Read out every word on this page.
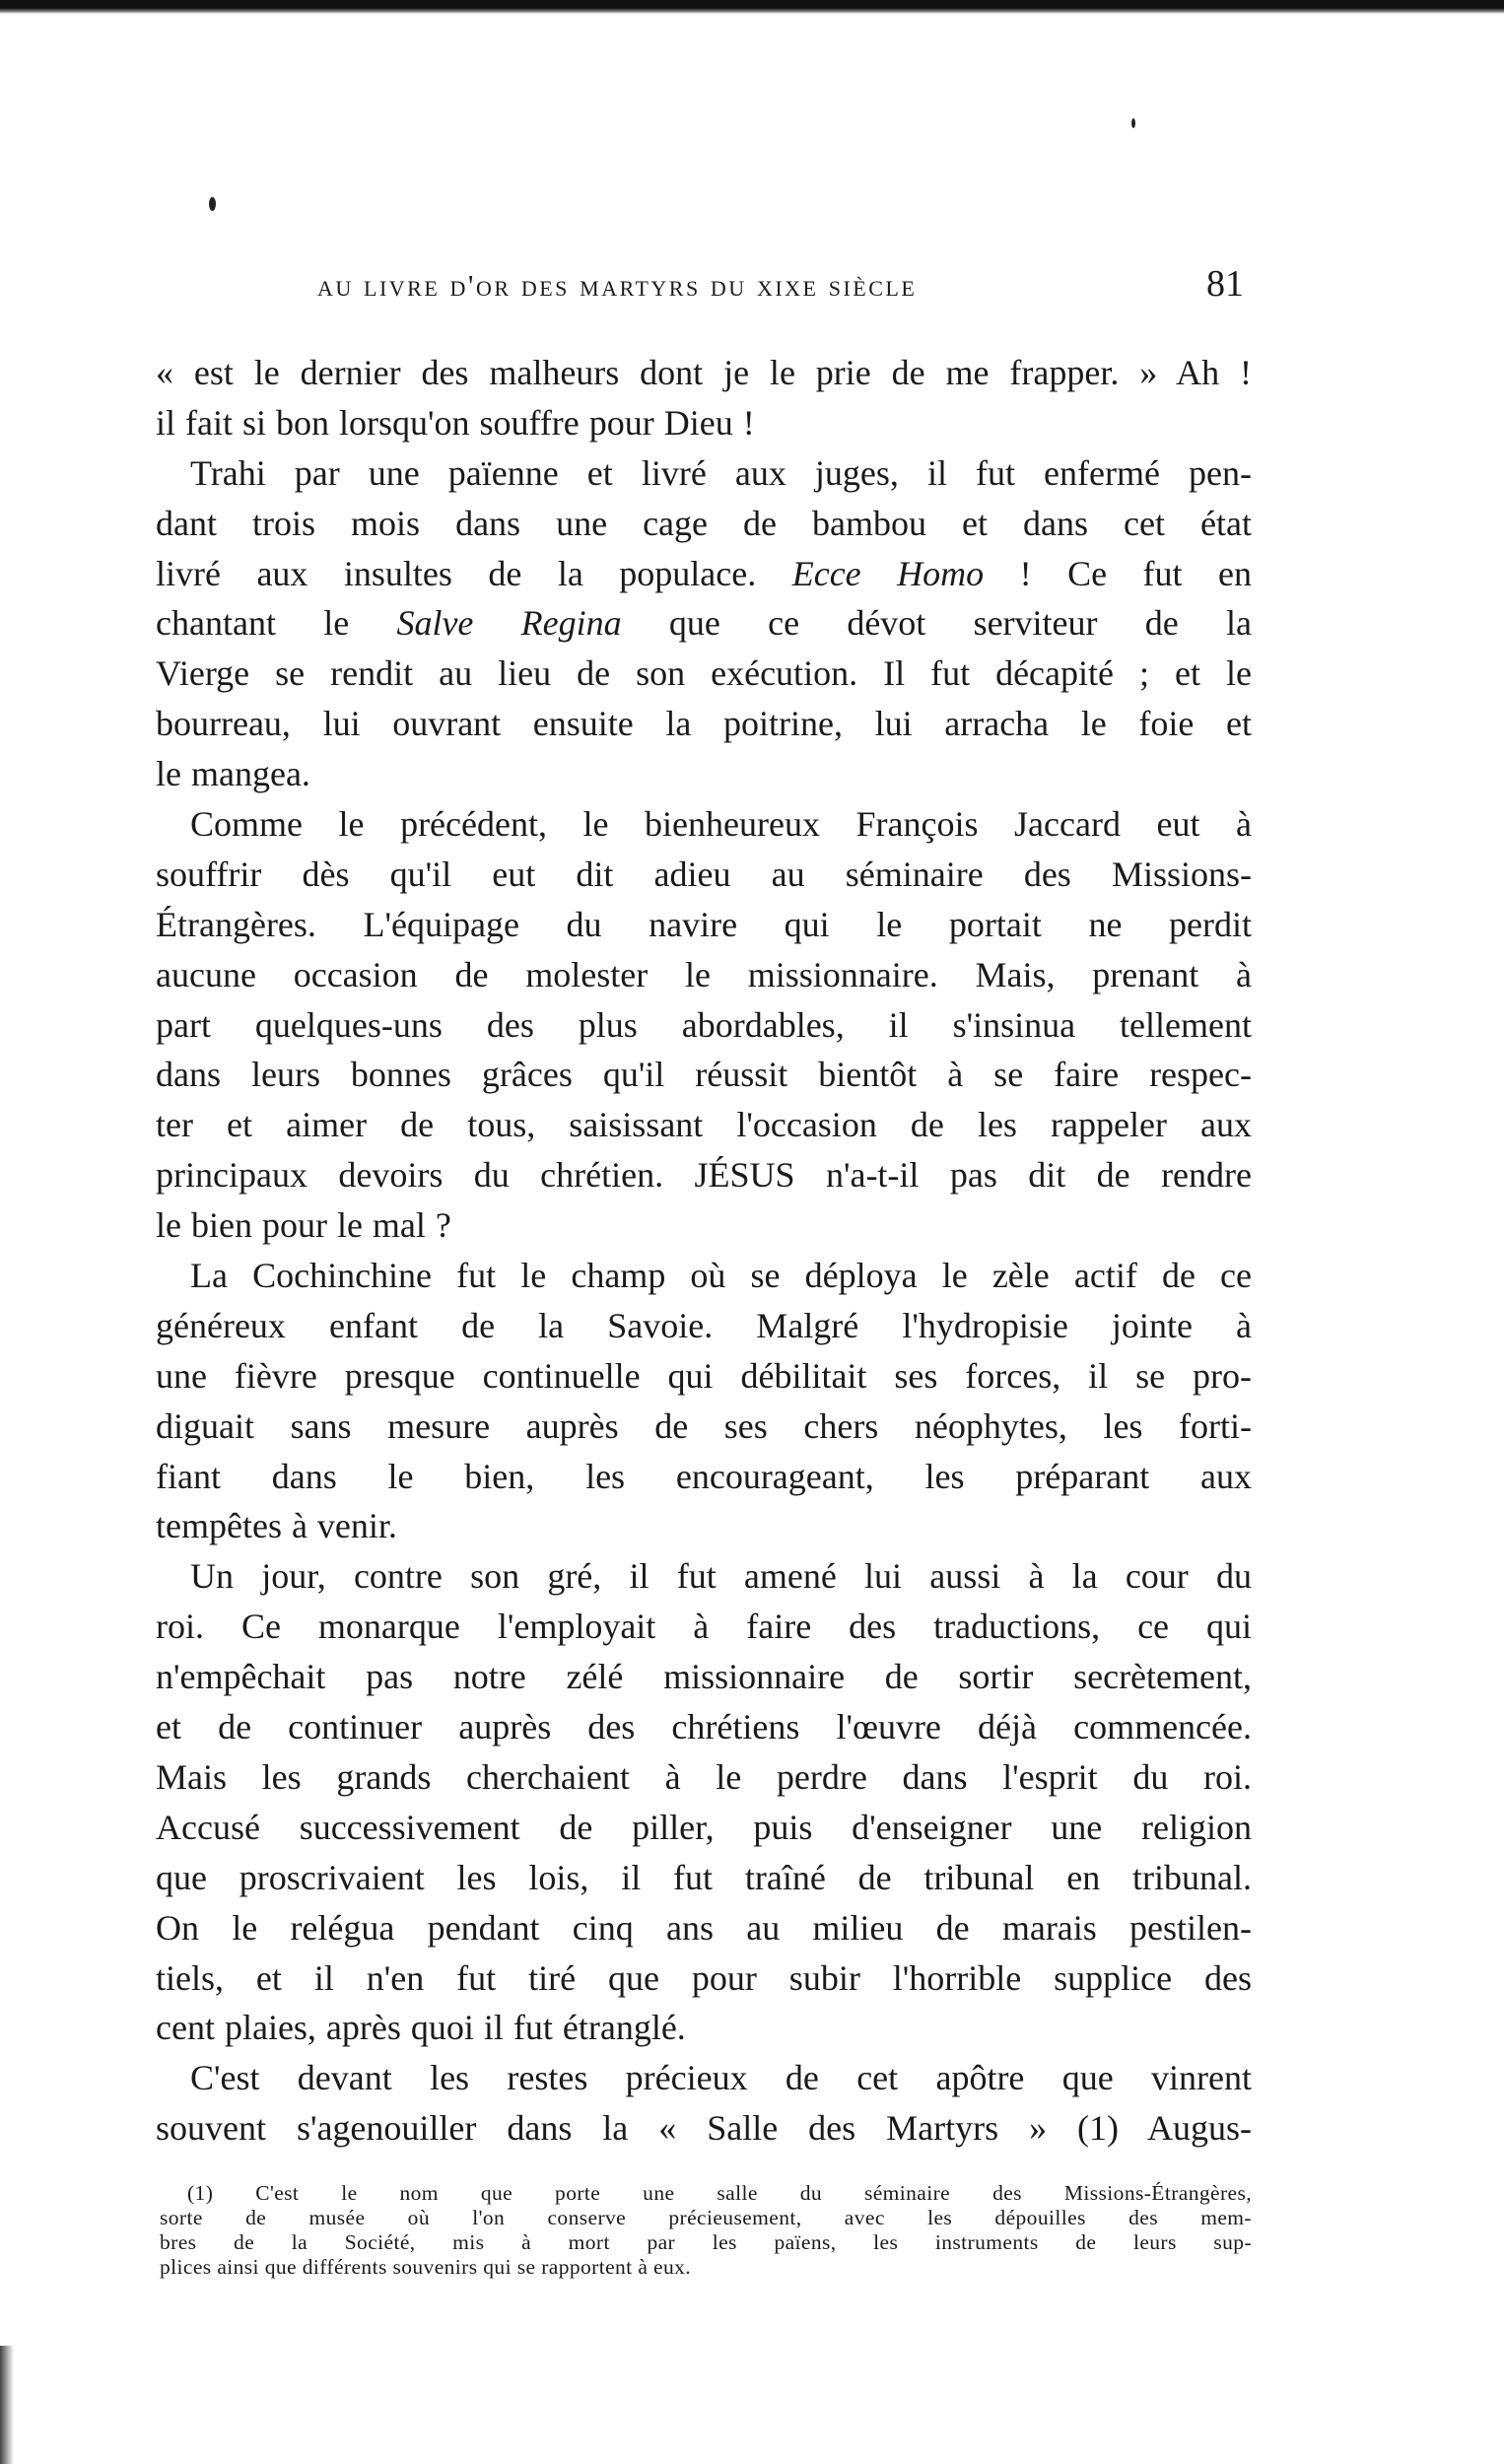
au livre d'or des martyrs du xixe siècle	81
« est le dernier des malheurs dont je le prie de me frapper. » Ah !
il fait si bon lorsqu'on souffre pour Dieu !
Trahi par une païenne et livré aux juges, il fut enfermé pen-
dant trois mois dans une cage de bambou et dans cet état
livré aux insultes de la populace. Ecce Homo ! Ce fut en
chantant le Salve Regina que ce dévot serviteur de la
Vierge se rendit au lieu de son exécution. Il fut décapité ; et le
bourreau, lui ouvrant ensuite la poitrine, lui arracha le foie et
le mangea.
Comme le précédent, le bienheureux François Jaccard eut à
souffrir dès qu'il eut dit adieu au séminaire des Missions-
Étrangères. L'équipage du navire qui le portait ne perdit
aucune occasion de molester le missionnaire. Mais, prenant à
part quelques-uns des plus abordables, il s'insinua tellement
dans leurs bonnes grâces qu'il réussit bientôt à se faire respec-
ter et aimer de tous, saisissant l'occasion de les rappeler aux
principaux devoirs du chrétien. JÉSUS n'a-t-il pas dit de rendre
le bien pour le mal ?
La Cochinchine fut le champ où se déploya le zèle actif de ce
généreux enfant de la Savoie. Malgré l'hydropisie jointe à
une fièvre presque continuelle qui débilitait ses forces, il se pro-
diguait sans mesure auprès de ses chers néophytes, les forti-
fiant dans le bien, les encourageant, les préparant aux
tempêtes à venir.
Un jour, contre son gré, il fut amené lui aussi à la cour du
roi. Ce monarque l'employait à faire des traductions, ce qui
n'empêchait pas notre zélé missionnaire de sortir secrètement,
et de continuer auprès des chrétiens l'œuvre déjà commencée.
Mais les grands cherchaient à le perdre dans l'esprit du roi.
Accusé successivement de piller, puis d'enseigner une religion
que proscrivaient les lois, il fut traîné de tribunal en tribunal.
On le relégua pendant cinq ans au milieu de marais pestilen-
tiels, et il n'en fut tiré que pour subir l'horrible supplice des
cent plaies, après quoi il fut étranglé.
C'est devant les restes précieux de cet apôtre que vinrent
souvent s'agenouiller dans la « Salle des Martyrs » (1) Augus-
(1) C'est le nom que porte une salle du séminaire des Missions-Étrangères,
sorte de musée où l'on conserve précieusement, avec les dépouilles des mem-
bres de la Société, mis à mort par les païens, les instruments de leurs sup-
plices ainsi que différents souvenirs qui se rapportent à eux.
